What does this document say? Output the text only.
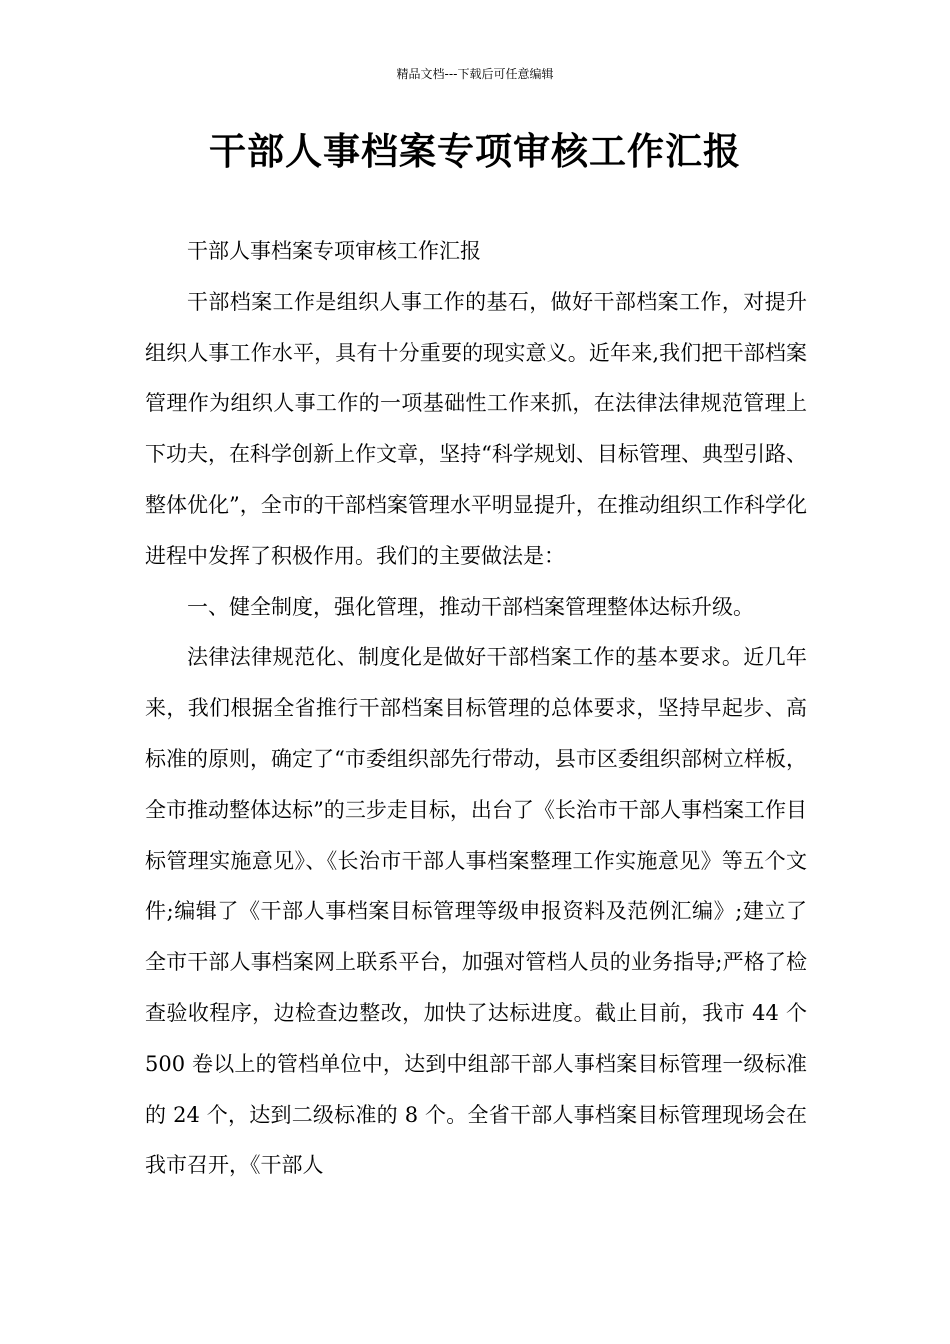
精品文档---下载后可任意编辑
干部人事档案专项审核工作汇报

干部人事档案专项审核工作汇报

干部档案工作是组织人事工作的基石，做好干部档案工作，对提升组织人事工作水平，具有十分重要的现实意义。近年来,我们把干部档案管理作为组织人事工作的一项基础性工作来抓，在法律法律规范管理上下功夫，在科学创新上作文章，坚持“科学规划、目标管理、典型引路、整体优化”，全市的干部档案管理水平明显提升，在推动组织工作科学化进程中发挥了积极作用。我们的主要做法是：

一、健全制度，强化管理，推动干部档案管理整体达标升级。

法律法律规范化、制度化是做好干部档案工作的基本要求。近几年来，我们根据全省推行干部档案目标管理的总体要求，坚持早起步、高标准的原则，确定了“市委组织部先行带动，县市区委组织部树立样板，全市推动整体达标”的三步走目标，出台了《长治市干部人事档案工作目标管理实施意见》、《长治市干部人事档案整理工作实施意见》等五个文件;编辑了《干部人事档案目标管理等级申报资料及范例汇编》;建立了全市干部人事档案网上联系平台，加强对管档人员的业务指导;严格了检查验收程序，边检查边整改，加快了达标进度。截止目前，我市 44 个 500 卷以上的管档单位中，达到中组部干部人事档案目标管理一级标准的 24 个，达到二级标准的 8 个。全省干部人事档案目标管理现场会在我市召开，《干部人
